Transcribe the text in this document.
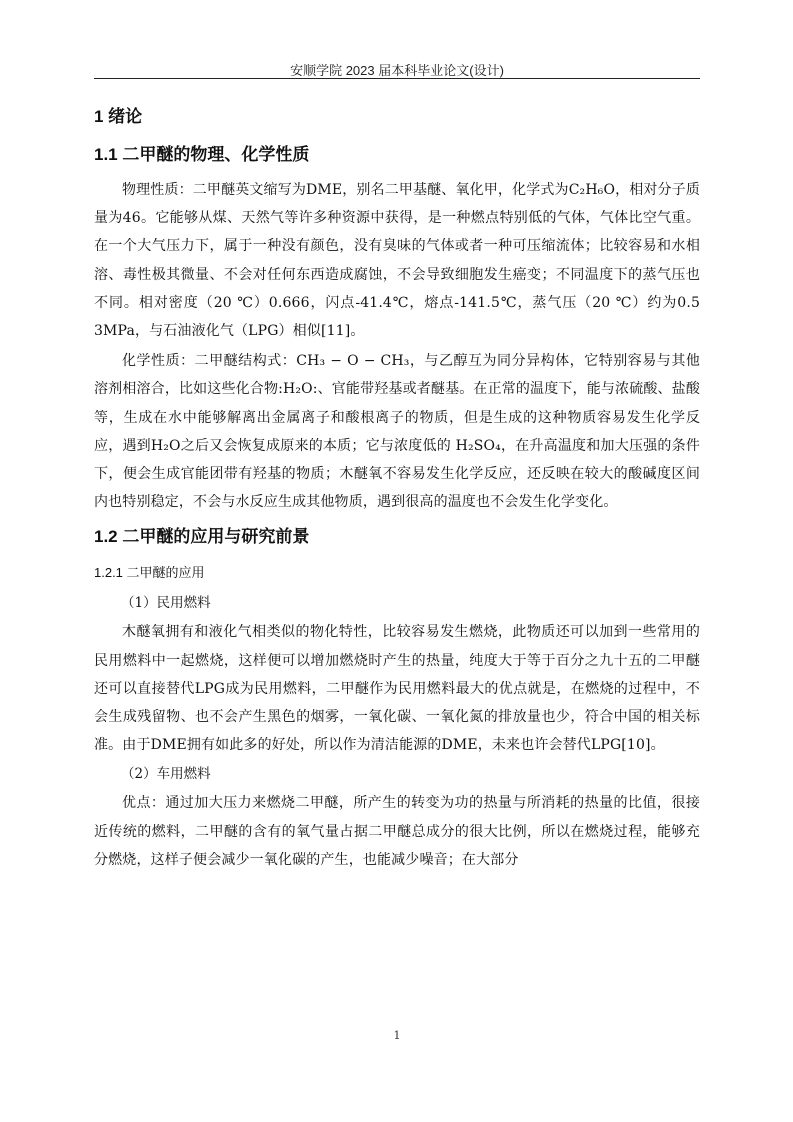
安顺学院 2023 届本科毕业论文(设计)
1 绪论
1.1 二甲醚的物理、化学性质

物理性质：二甲醚英文缩写为DME，别名二甲基醚、氧化甲，化学式为C₂H₆O，相对分子质量为46。它能够从煤、天然气等许多种资源中获得，是一种燃点特别低的气体，气体比空气重。在一个大气压力下，属于一种没有颜色，没有臭味的气体或者一种可压缩流体；比较容易和水相溶、毒性极其微量、不会对任何东西造成腐蚀，不会导致细胞发生癌变；不同温度下的蒸气压也不同。相对密度（20 ℃）0.666，闪点-41.4℃，熔点-141.5℃，蒸气压（20 ℃）约为0.5 3MPa，与石油液化气（LPG）相似[11]。

化学性质：二甲醚结构式：CH₃ − O − CH₃，与乙醇互为同分异构体，它特别容易与其他溶剂相溶合，比如这些化合物:H₂O:、官能带羟基或者醚基。在正常的温度下，能与浓硫酸、盐酸等，生成在水中能够解离出金属离子和酸根离子的物质，但是生成的这种物质容易发生化学反应，遇到H₂O之后又会恢复成原来的本质；它与浓度低的 H₂SO₄，在升高温度和加大压强的条件下，便会生成官能团带有羟基的物质；木醚氧不容易发生化学反应，还反映在较大的酸碱度区间内也特别稳定，不会与水反应生成其他物质，遇到很高的温度也不会发生化学变化。

1.2 二甲醚的应用与研究前景
1.2.1 二甲醚的应用

（1）民用燃料

木醚氧拥有和液化气相类似的物化特性，比较容易发生燃烧，此物质还可以加到一些常用的民用燃料中一起燃烧，这样便可以增加燃烧时产生的热量，纯度大于等于百分之九十五的二甲醚还可以直接替代LPG成为民用燃料，二甲醚作为民用燃料最大的优点就是，在燃烧的过程中，不会生成残留物、也不会产生黑色的烟雾，一氧化碳、一氧化氮的排放量也少，符合中国的相关标准。由于DME拥有如此多的好处，所以作为清洁能源的DME，未来也许会替代LPG[10]。

（2）车用燃料

优点：通过加大压力来燃烧二甲醚，所产生的转变为功的热量与所消耗的热量的比值，很接近传统的燃料，二甲醚的含有的氧气量占据二甲醚总成分的很大比例，所以在燃烧过程，能够充分燃烧，这样子便会减少一氧化碳的产生，也能减少噪音；在大部分

1
